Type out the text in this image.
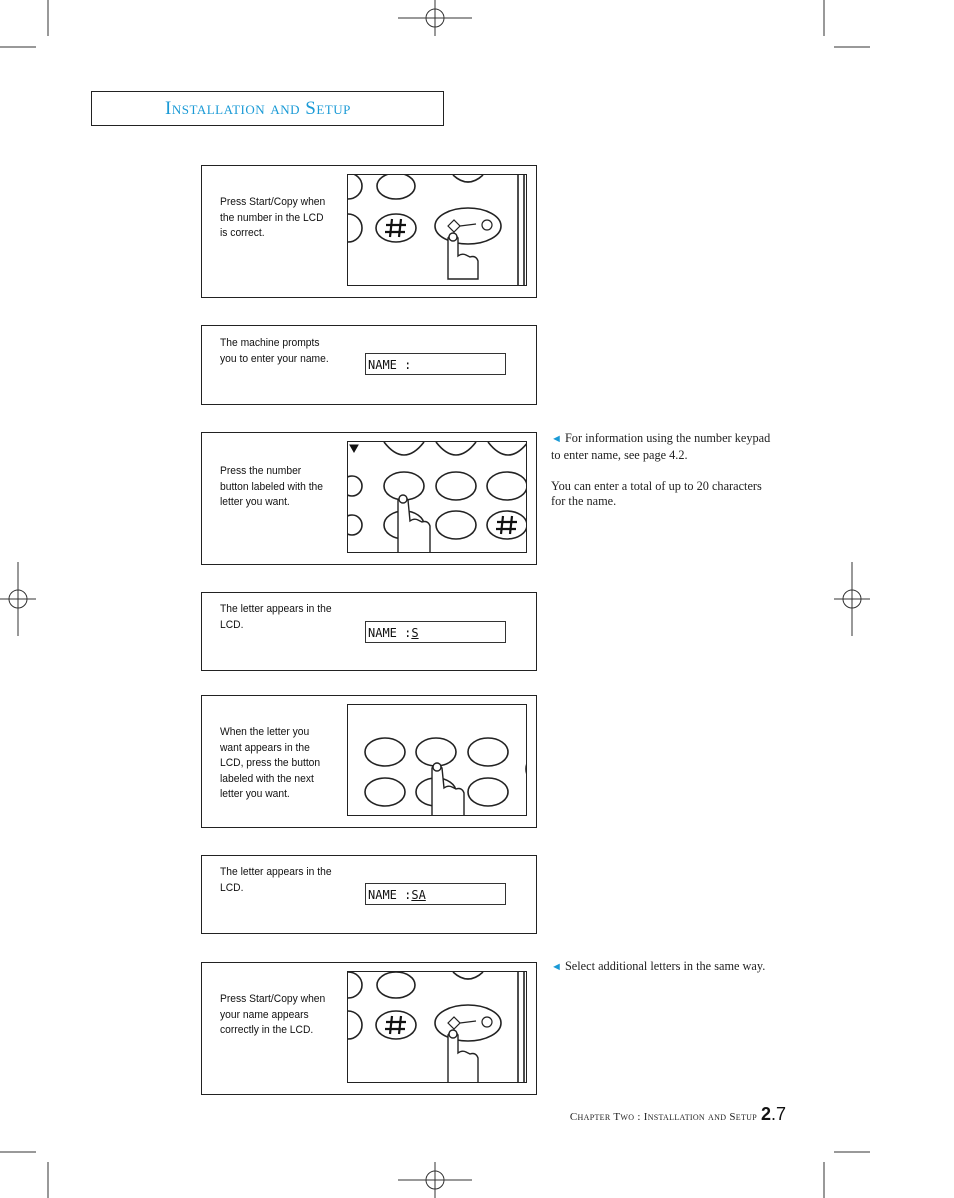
Installation and Setup
Press Start/Copy when the number in the LCD is correct.
The machine prompts you to enter your name.	NAME :
Press the number button labeled with the letter you want.
The letter appears in the LCD.
NAME :S
When the letter you want appears in the LCD, press the button labeled with the next letter you want.
The letter appears in the LCD.
NAME :SA
Press Start/Copy when your name appears correctly in the LCD.

◄ For information using the number keypad to enter name, see page 4.2.

You can enter a total of up to 20 characters for the name.

◄ Select additional letters in the same way.

Chapter Two : Installation and Setup 2.7
